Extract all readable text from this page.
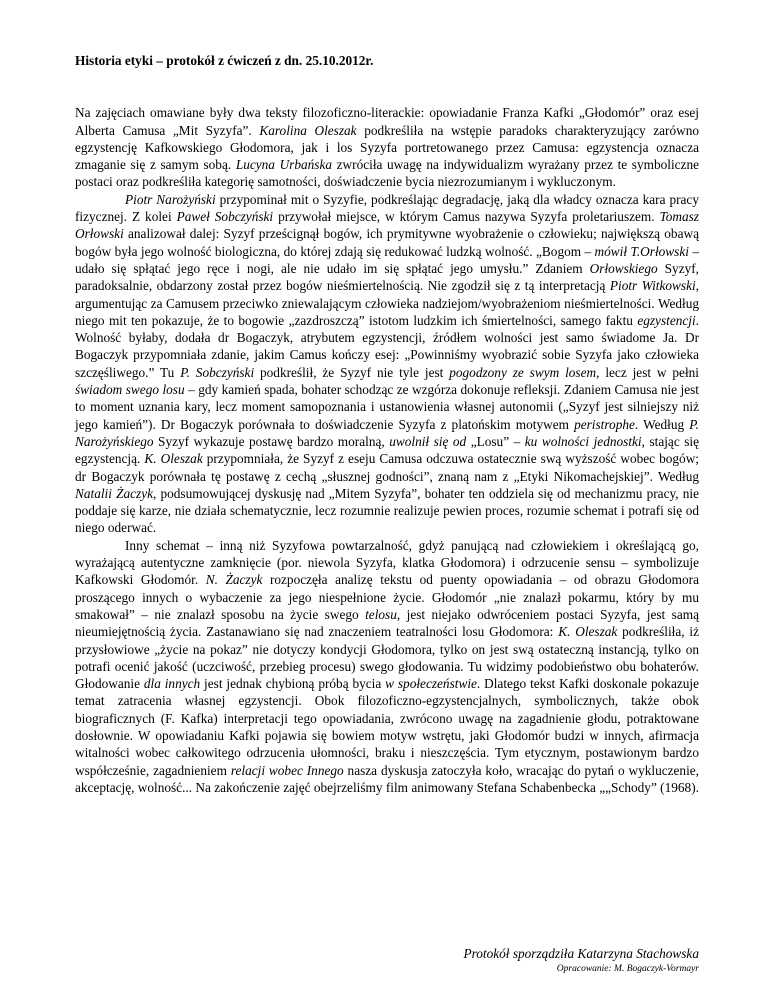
Historia etyki – protokół z ćwiczeń z dn. 25.10.2012r.

Na zajęciach omawiane były dwa teksty filozoficzno-literackie: opowiadanie Franza Kafki „Głodomór” oraz esej Alberta Camusa „Mit Syzyfa”. Karolina Oleszak podkreśliła na wstępie paradoks charakteryzujący zarówno egzystencję Kafkowskiego Głodomora, jak i los Syzyfa portretowanego przez Camusa: egzystencja oznacza zmaganie się z samym sobą. Lucyna Urbańska zwróciła uwagę na indywidualizm wyrażany przez te symboliczne postaci oraz podkreśliła kategorię samotności, doświadczenie bycia niezrozumianym i wykluczonym.

Piotr Narożyński przypominał mit o Syzyfie, podkreślając degradację, jaką dla władcy oznacza kara pracy fizycznej. Z kolei Paweł Sobczyński przywołał miejsce, w którym Camus nazywa Syzyfa proletariuszem. Tomasz Orłowski analizował dalej: Syzyf prześcignął bogów, ich prymitywne wyobrażenie o człowieku; największą obawą bogów była jego wolność biologiczna, do której zdają się redukować ludzką wolność. „Bogom – mówił T.Orłowski – udało się spłątać jego ręce i nogi, ale nie udało im się spłątać jego umysłu.” Zdaniem Orłowskiego Syzyf, paradoksalnie, obdarzony został przez bogów nieśmiertelnością. Nie zgodził się z tą interpretacją Piotr Witkowski, argumentując za Camusem przeciwko zniewalającym człowieka nadziejom/wyobrażeniom nieśmiertelności. Według niego mit ten pokazuje, że to bogowie „zazdroszczą” istotom ludzkim ich śmiertelności, samego faktu egzystencji. Wolność byłaby, dodała dr Bogaczyk, atrybutem egzystencji, źródłem wolności jest samo świadome Ja. Dr Bogaczyk przypomniała zdanie, jakim Camus kończy esej: „Powinniśmy wyobrazić sobie Syzyfa jako człowieka szczęśliwego.” Tu P. Sobczyński podkreślił, że Syzyf nie tyle jest pogodzony ze swym losem, lecz jest w pełni świadom swego losu – gdy kamień spada, bohater schodząc ze wzgórza dokonuje refleksji. Zdaniem Camusa nie jest to moment uznania kary, lecz moment samopoznania i ustanowienia własnej autonomii („Syzyf jest silniejszy niż jego kamień”). Dr Bogaczyk porównała to doświadczenie Syzyfa z platońskim motywem peristrophe. Według P. Narożyńskiego Syzyf wykazuje postawę bardzo moralną, uwolnił się od „Losu” – ku wolności jednostki, stając się egzystencją. K. Oleszak przypomniała, że Syzyf z eseju Camusa odczuwa ostatecznie swą wyższość wobec bogów; dr Bogaczyk porównała tę postawę z cechą „słusznej godności”, znaną nam z „Etyki Nikomachejskiej”. Według Natalii Żaczyk, podsumowującej dyskusję nad „Mitem Syzyfa”, bohater ten oddziela się od mechanizmu pracy, nie poddaje się karze, nie działa schematycznie, lecz rozumnie realizuje pewien proces, rozumie schemat i potrafi się od niego oderwać.

Inny schemat – inną niż Syzyfowa powtarzalność, gdyż panującą nad człowiekiem i określającą go, wyrażającą autentyczne zamknięcie (por. niewola Syzyfa, klatka Głodomora) i odrzucenie sensu – symbolizuje Kafkowski Głodomór. N. Żaczyk rozpoczęła analizę tekstu od puenty opowiadania – od obrazu Głodomora proszącego innych o wybaczenie za jego niespełnione życie. Głodomór „nie znalazł pokarmu, który by mu smakował” – nie znalazł sposobu na życie swego telosu, jest niejako odwróceniem postaci Syzyfa, jest samą nieumiejętnością życia. Zastanawiano się nad znaczeniem teatralności losu Głodomora: K. Oleszak podkreśliła, iż przysłowiowe „życie na pokaz” nie dotyczy kondycji Głodomora, tylko on jest swą ostateczną instancją, tylko on potrafi ocenić jakość (uczciwość, przebieg procesu) swego głodowania. Tu widzimy podobieństwo obu bohaterów. Głodowanie dla innych jest jednak chybioną próbą bycia w społeczeństwie. Dlatego tekst Kafki doskonale pokazuje temat zatracenia własnej egzystencji. Obok filozoficzno-egzystencjalnych, symbolicznych, także obok biograficznych (F. Kafka) interpretacji tego opowiadania, zwrócono uwagę na zagadnienie głodu, potraktowane dosłownie. W opowiadaniu Kafki pojawia się bowiem motyw wstrętu, jaki Głodomór budzi w innych, afirmacja witalności wobec całkowitego odrzucenia ułomności, braku i nieszczęścia. Tym etycznym, postawionym bardzo współcześnie, zagadnieniem relacji wobec Innego nasza dyskusja zatoczyła koło, wracając do pytań o wykluczenie, akceptację, wolność... Na zakończenie zajęć obejrzeliśmy film animowany Stefana Schabenbecka „„Schody” (1968).

Protokół sporządziła Katarzyna Stachowska
Opracowanie: M. Bogaczyk-Vormayr
